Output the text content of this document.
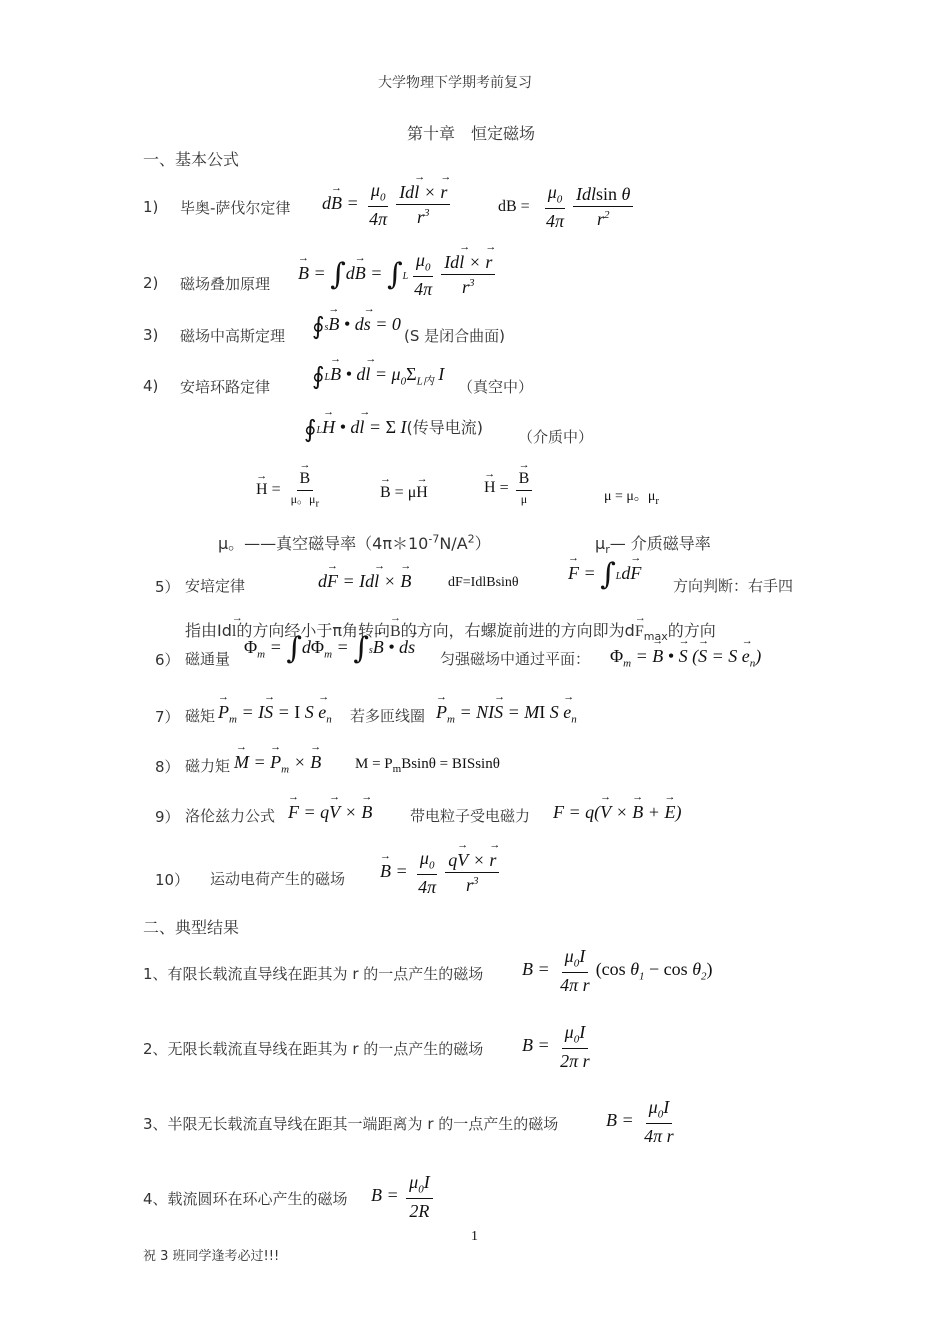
大学物理下学期考前复习
第十章　恒定磁场
一、基本公式
1) 毕奥-萨伐尔定律 $d\to B = \frac{\mu_0}{4\pi} \frac{Id\to l \times \to r}{r^3}$	dB = $\frac{\mu_0}{4\pi} \frac{\text{Idlsin θ}}{r^2}$
2) 磁场叠加原理
→ $B = \int d\to B = \int L \frac{\mu_0}{4\pi} \frac{Id\to l \times \to r}{r^3}$
3) 磁场中高斯定理 ∮s→ B • d→ s = 0
(S 是闭合曲面)
4) 安培环路定律 ∮L→ B • $d\to l = \mu_0\Sigma_{L内}$ I
（真空中）
∮L→ H • d→ l = Σ I(传导电流) （介质中）
→ H = → $\frac{B}{\mu。\mu_r}$	→ B = μ→ H	→ H = → $\frac{B}{\mu}$	μ = μ。$\mu_r$
μ。——真空磁导率$(4\pi*10^{-7}N/A^2)$	$\mu_r—$ 介质磁导率
5） 安培定律	d→ F = Id→ l × → B	dF=IdlBsinθ	→ F = ∫Ld→ F
方向判断：右手四
指由Id→ l的方向经小于π角转向→ B的方向，右螺旋前进的方向即为$d\to F_{max}$的方向
6） 磁通量
$\Phi_m = \int d\Phi_m = \int s\to B$ • d→ s
匀强磁场中通过平面： $\Phi_m$ = → B • → S (→ $S = S \to e_n$)
7） 磁矩 → $P_m = I\to S = I$ $S \to e_n$ 若多匝线圈 → $P_m = NI\to S$ = MI $S \to e_n$
8） 磁力矩 → M = → $P_m$ × → B $M = P_mBsin\theta = BISsin\theta$
9） 洛伦兹力公式 → F = q→ V × → B	带电粒子受电磁力 F = q(→ V × → B + → E)
10） 运动电荷产生的磁场 → $B = \frac{\mu_0}{4\pi} \frac{q\to V \times \to r}{r^3}$
二、典型结果
1、有限长载流直导线在距其为 r 的一点产生的磁场 $B = \frac{\mu_0I}{\text{4π r}} (\cos$ $\theta_1 - \cos \theta_2$)
2、无限长载流直导线在距其为 r 的一点产生的磁场 $B = \frac{\mu_0I}{\text{2π r}}$
3、半限无长载流直导线在距其一端距离为 r 的一点产生的磁场	$B = \frac{\mu_0I}{\text{4π r}}$
4、载流圆环在环心产生的磁场 $B = \frac{\mu_0I}{2R}$
1
祝 3 班同学逢考必过!!!
